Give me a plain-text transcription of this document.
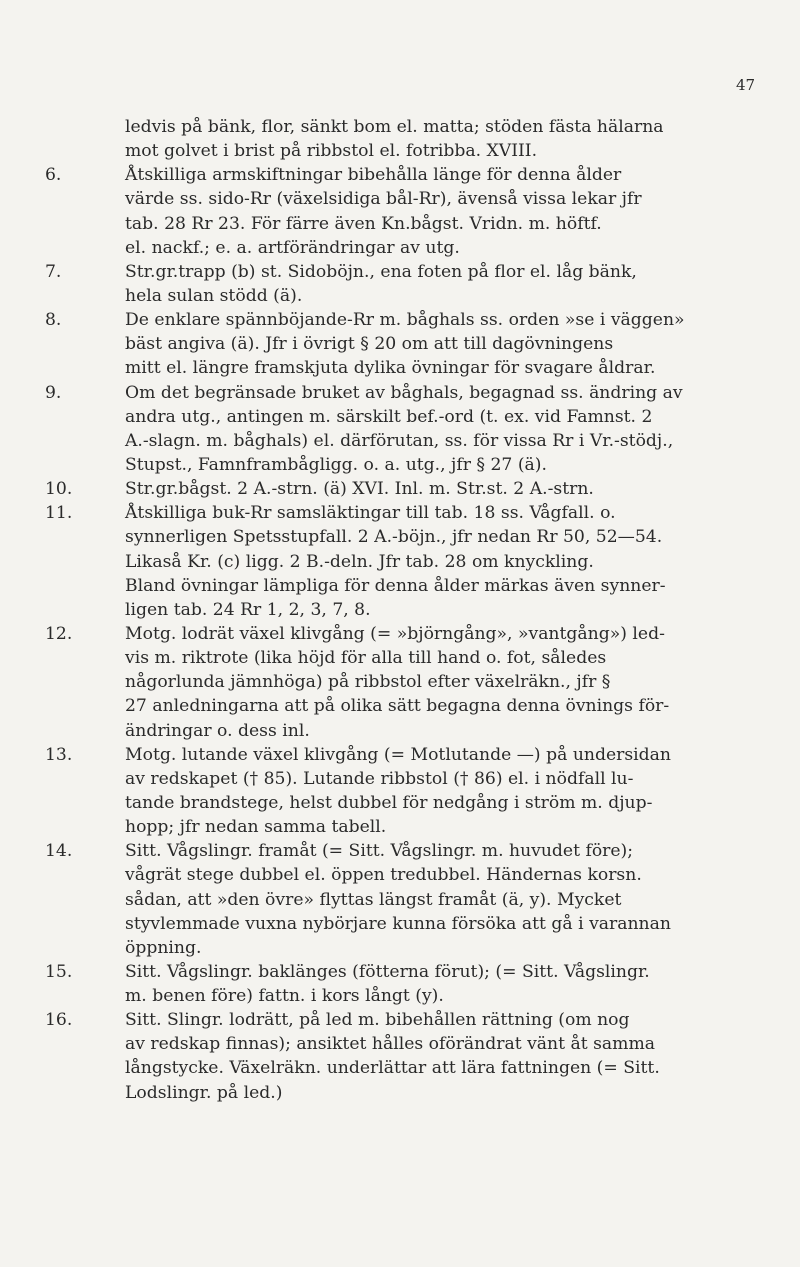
47
ledvis på bänk, flor, sänkt bom el. matta; stöden fästa hälarna
mot golvet i brist på ribbstol el. fotribba. XVIII.
6.	Åtskilliga armskiftningar bibehålla länge för denna ålder
värde ss. sido-Rr (växelsidiga bål-Rr), ävenså vissa lekar jfr
tab. 28 Rr 23. För färre även Kn.bågst. Vridn. m. höftf.
el. nackf.; e. a. artförändringar av utg.
7.	Str.gr.trapp (b) st. Sidoböjn., ena foten på flor el. låg bänk,
hela sulan stödd (ä).
8.	De enklare spännböjande-Rr m. båghals ss. orden »se i väggen»
bäst angiva (ä). Jfr i övrigt § 20 om att till dagövningens
mitt el. längre framskjuta dylika övningar för svagare åldrar.
9.	Om det begränsade bruket av båghals, begagnad ss. ändring av
andra utg., antingen m. särskilt bef.-ord (t. ex. vid Famnst. 2
A.-slagn. m. båghals) el. därförutan, ss. för vissa Rr i Vr.-stödj.,
Stupst., Famnframbågligg. o. a. utg., jfr § 27 (ä).
10.	Str.gr.bågst. 2 A.-strn. (ä) XVI. Inl. m. Str.st. 2 A.-strn.
11.	Åtskilliga buk-Rr samsläktingar till tab. 18 ss. Vågfall. o.
synnerligen Spetsstupfall. 2 A.-böjn., jfr nedan Rr 50, 52—54.
Likaså Kr. (c) ligg. 2 B.-deln. Jfr tab. 28 om knyckling.
Bland övningar lämpliga för denna ålder märkas även synner-
ligen tab. 24 Rr 1, 2, 3, 7, 8.
12.	Motg. lodrät växel klivgång (= »björngång», »vantgång») led-
vis m. riktrote (lika höjd för alla till hand o. fot, således
någorlunda jämnhöga) på ribbstol efter växelräkn., jfr §
27 anledningarna att på olika sätt begagna denna övnings för-
ändringar o. dess inl.
13.	Motg. lutande växel klivgång (= Motlutande —) på undersidan
av redskapet († 85). Lutande ribbstol († 86) el. i nödfall lu-
tande brandstege, helst dubbel för nedgång i ström m. djup-
hopp; jfr nedan samma tabell.
14.	Sitt. Vågslingr. framåt (= Sitt. Vågslingr. m. huvudet före);
vågrät stege dubbel el. öppen tredubbel. Händernas korsn.
sådan, att »den övre» flyttas längst framåt (ä, y). Mycket
styvlemmade vuxna nybörjare kunna försöka att gå i varannan
öppning.
15.	Sitt. Vågslingr. baklänges (fötterna förut); (= Sitt. Vågslingr.
m. benen före) fattn. i kors långt (y).
16.	Sitt. Slingr. lodrätt, på led m. bibehållen rättning (om nog
av redskap finnas); ansiktet hålles oförändrat vänt åt samma
långstycke. Växelräkn. underlättar att lära fattningen (= Sitt.
Lodslingr. på led.)
